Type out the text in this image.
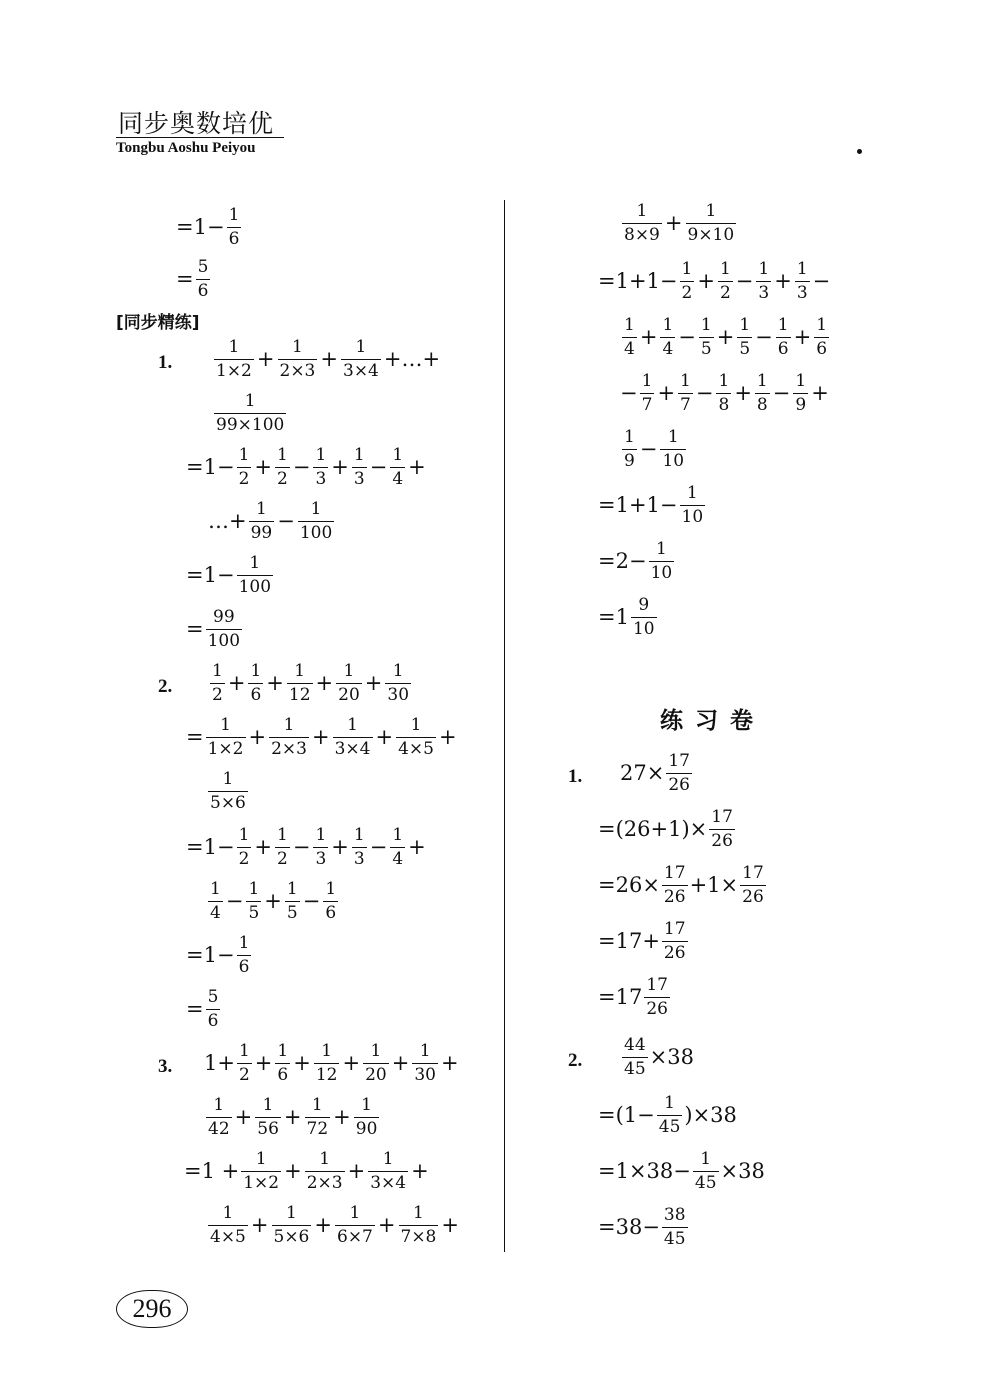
同步奥数培优
Tongbu Aoshu Peiyou
$=1- \frac{1}{6}$
= $\frac{5}{6}$
[同步精练]
1. $\frac{1}{1\times 2} + \frac{1}{2\times 3} + \frac{1}{3\times 4}$ +…+
$\frac{1}{99\times 100}$
$=1- \frac{1}{2} + \frac{1}{2} - \frac{1}{3} + \frac{1}{3} - \frac{1}{4}$ +
…+ $\frac{1}{99} - \frac{1}{100}$
$=1- \frac{1}{100}$
= $\frac{99}{100}$
2. $\frac{1}{2} + \frac{1}{6} + \frac{1}{12} + \frac{1}{20} + \frac{1}{30}$
= $\frac{1}{1\times 2} + \frac{1}{2\times 3} + \frac{1}{3\times 4} + \frac{1}{4\times 5}$ +
$\frac{1}{5\times 6}$
$=1- \frac{1}{2} + \frac{1}{2} - \frac{1}{3} + \frac{1}{3} - \frac{1}{4}$ +
$\frac{1}{4} - \frac{1}{5} + \frac{1}{5} - \frac{1}{6}$
$=1- \frac{1}{6}$
= $\frac{5}{6}$
3. $1+ \frac{1}{2} + \frac{1}{6} + \frac{1}{12} + \frac{1}{20} + \frac{1}{30}$ +
$\frac{1}{42} + \frac{1}{56} + \frac{1}{72} + \frac{1}{90}$
$=1 + \frac{1}{1\times 2} + \frac{1}{2\times 3} + \frac{1}{3\times 4}$ +
$\frac{1}{4\times 5} + \frac{1}{5\times 6} + \frac{1}{6\times 7} + \frac{1}{7\times 8}$ +
$\frac{1}{8\times 9} + \frac{1}{9\times 10}$
$=1+1- \frac{1}{2} + \frac{1}{2} - \frac{1}{3} + \frac{1}{3}$ −
$\frac{1}{4} + \frac{1}{4} - \frac{1}{5} + \frac{1}{5} - \frac{1}{6} + \frac{1}{6}$
− $\frac{1}{7} + \frac{1}{7} - \frac{1}{8} + \frac{1}{8} - \frac{1}{9}$ +
$\frac{1}{9} - \frac{1}{10}$
$=1+1- \frac{1}{10}$
$=2- \frac{1}{10}$
$=1 \frac{9}{10}$
练习卷
1. $27\times \frac{17}{26}$
$=(26+1)\times \frac{17}{26}$
$=26\times \frac{17}{26} +1\times \frac{17}{26}$
$=17+ \frac{17}{26}$
$=17 \frac{17}{26}$
2. $\frac{44}{45} \times 38$
$=(1- \frac{1}{45} )\times 38$
$=1\times 38- \frac{1}{45} \times 38$
$=38- \frac{38}{45}$
296
